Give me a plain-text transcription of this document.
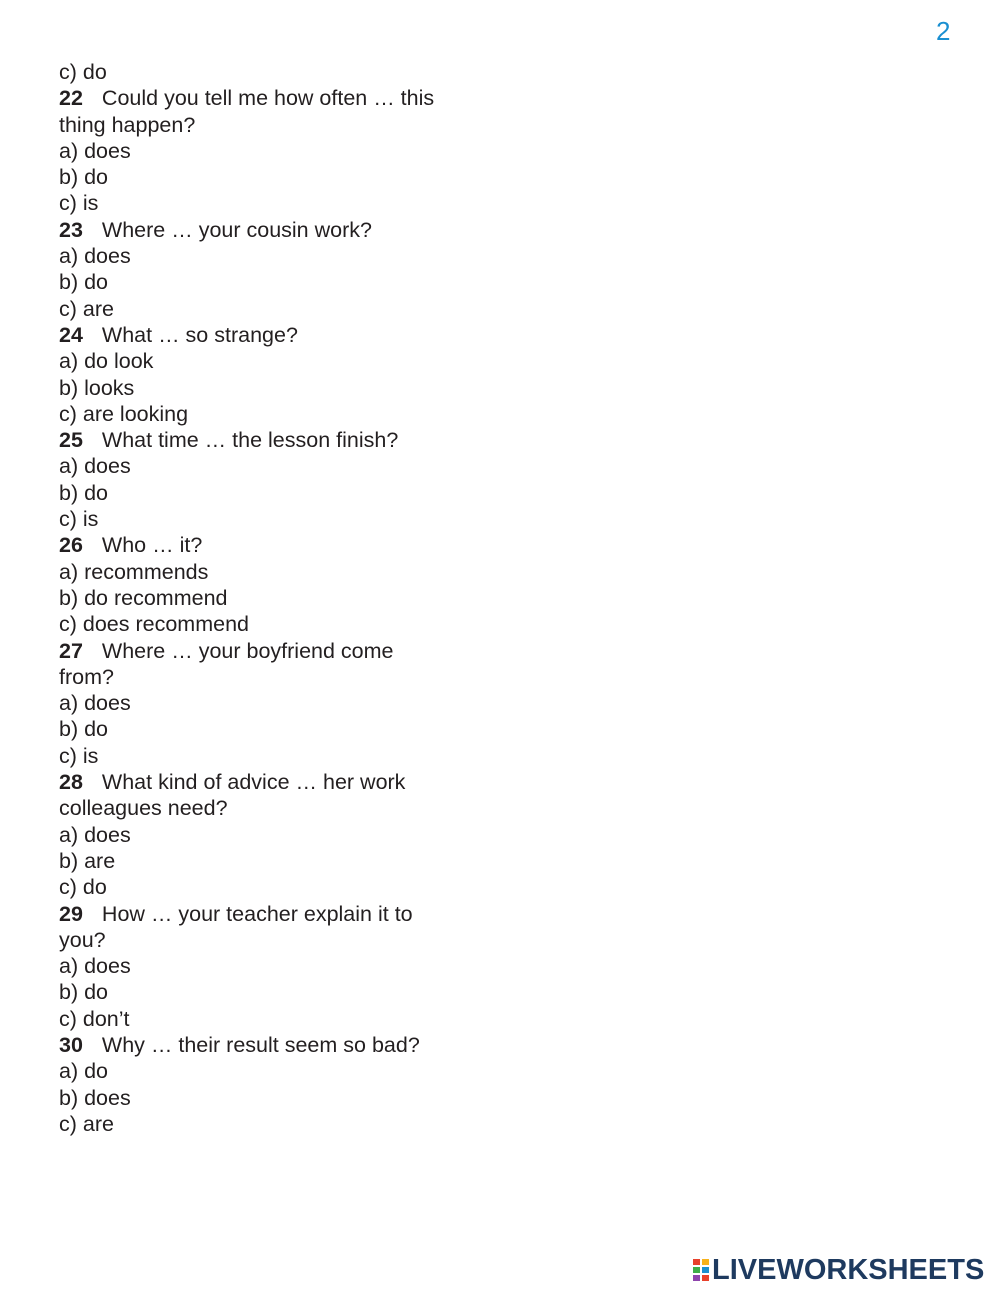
2

c) do

22 Could you tell me how often … this

thing happen?

a) does

b) do

c) is

23 Where … your cousin work?

a) does

b) do

c) are

24 What … so strange?

a) do look

b) looks

c) are looking

25 What time … the lesson finish?

a) does

b) do

c) is

26 Who … it?

a) recommends

b) do recommend

c) does recommend

27 Where … your boyfriend come

from?

a) does

b) do

c) is

28 What kind of advice … her work

colleagues need?

a) does

b) are

c) do

29 How … your teacher explain it to

you?

a) does

b) do

c) don’t

30 Why … their result seem so bad?

a) do

b) does

c) are

LIVEWORKSHEETS
